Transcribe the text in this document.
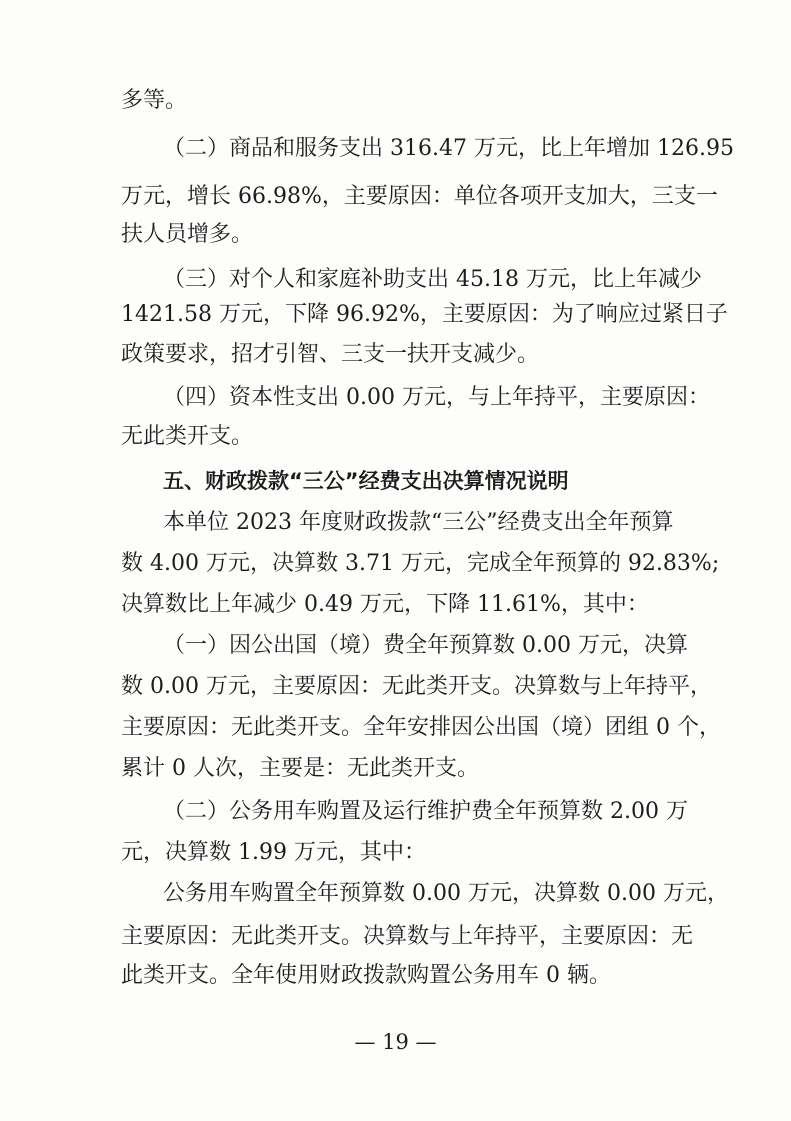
多等。
（二）商品和服务支出 316.47 万元，比上年增加 126.95
万元，增长 66.98%，主要原因：单位各项开支加大，三支一
扶人员增多。
（三）对个人和家庭补助支出 45.18 万元，比上年减少
1421.58 万元，下降 96.92%，主要原因：为了响应过紧日子
政策要求，招才引智、三支一扶开支减少。
（四）资本性支出 0.00 万元，与上年持平，主要原因：
无此类开支。
五、财政拨款“三公”经费支出决算情况说明
本单位 2023 年度财政拨款“三公”经费支出全年预算
数 4.00 万元，决算数 3.71 万元，完成全年预算的 92.83%;
决算数比上年减少 0.49 万元，下降 11.61%，其中：
（一）因公出国（境）费全年预算数 0.00 万元，决算
数 0.00 万元，主要原因：无此类开支。决算数与上年持平，
主要原因：无此类开支。全年安排因公出国（境）团组 0 个，
累计 0 人次，主要是：无此类开支。
（二）公务用车购置及运行维护费全年预算数 2.00 万
元，决算数 1.99 万元，其中：
公务用车购置全年预算数 0.00 万元，决算数 0.00 万元，
主要原因：无此类开支。决算数与上年持平，主要原因：无
此类开支。全年使用财政拨款购置公务用车 0 辆。
— 19 —
